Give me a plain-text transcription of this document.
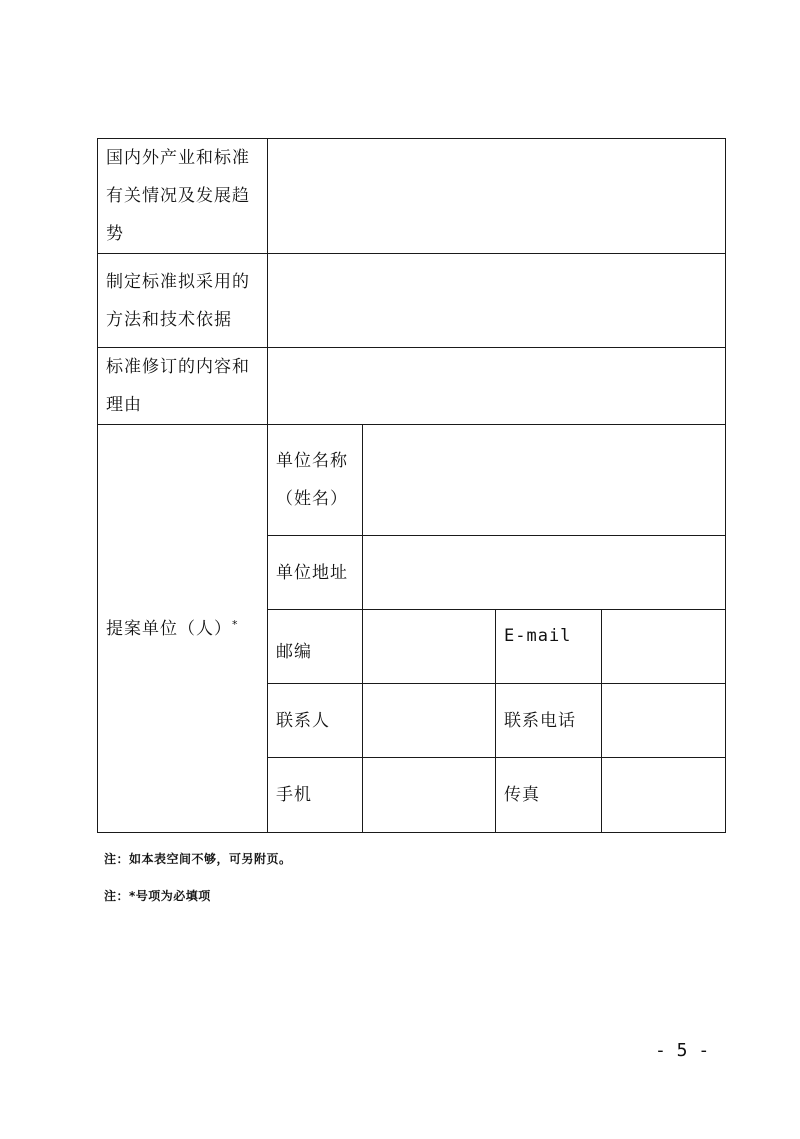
国内外产业和标准有关情况及发展趋势				
制定标准拟采用的方法和技术依据				
标准修订的内容和理由				
提案单位（人）*	单位名称（姓名）			
	单位地址			
	邮编		E-mail	
	联系人		联系电话	
	手机		传真	
注：如本表空间不够，可另附页。
注：*号项为必填项
- 5 -
